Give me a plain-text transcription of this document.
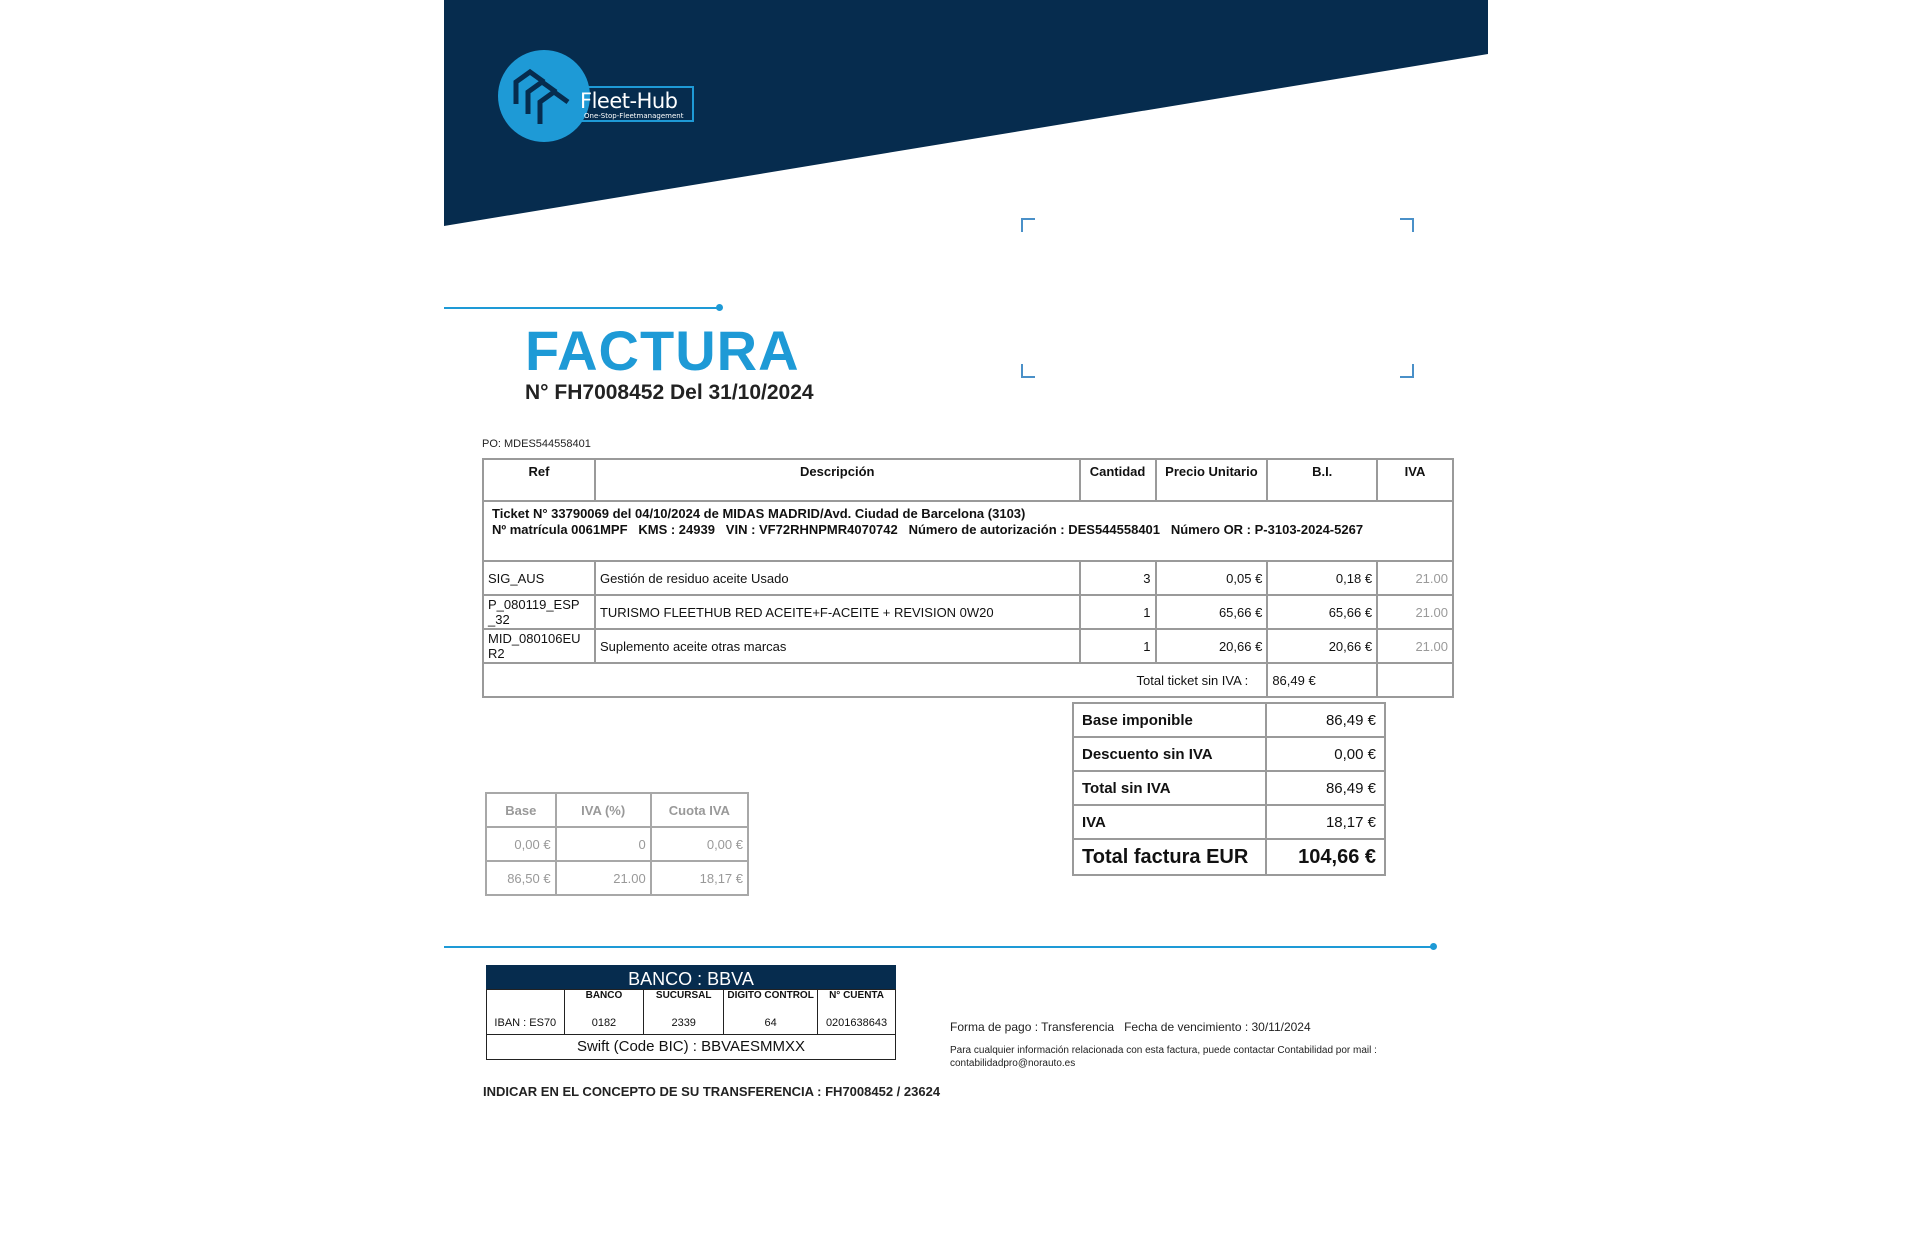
Fleet-Hub
One-Stop-Fleetmanagement
FACTURA
N° FH7008452 Del 31/10/2024
PO: MDES544558401
Ref	Descripción	Cantidad	Precio Unitario	B.I.	IVA

Ticket N° 33790069 del 04/10/2024 de MIDAS MADRID/Avd. Ciudad de Barcelona (3103)
Nº matrícula 0061MPF   KMS : 24939   VIN : VF72RHNPMR4070742   Número de autorización : DES544558401   Número OR : P-3103-2024-5267					

SIG_AUS	Gestión de residuo aceite Usado	3	0,05 €	0,18 €	21.00
P_080119_ESP _32	TURISMO FLEETHUB RED ACEITE+F-ACEITE + REVISION 0W20	1	65,66 €	65,66 €	21.00
MID_080106EU R2	Suplemento aceite otras marcas	1	20,66 €	20,66 €	21.00
Total ticket sin IVA :				86,49 €	
Base imponible	86,49 €
Descuento sin IVA	0,00 €
Total sin IVA	86,49 €
IVA	18,17 €
Total factura EUR	104,66 €
Base	IVA (%)	Cuota IVA
0,00 €	0	0,00 €
86,50 €	21.00	18,17 €
BANCO : BBVA
	BANCO	SUCURSAL	DIGITO CONTROL	N° CUENTA
IBAN : ES70	0182	2339	64	0201638643
Swift (Code BIC) : BBVAESMMXX
Forma de pago : Transferencia   Fecha de vencimiento : 30/11/2024
Para cualquier información relacionada con esta factura, puede contactar Contabilidad por mail :
contabilidadpro@norauto.es
INDICAR EN EL CONCEPTO DE SU TRANSFERENCIA : FH7008452 / 23624
